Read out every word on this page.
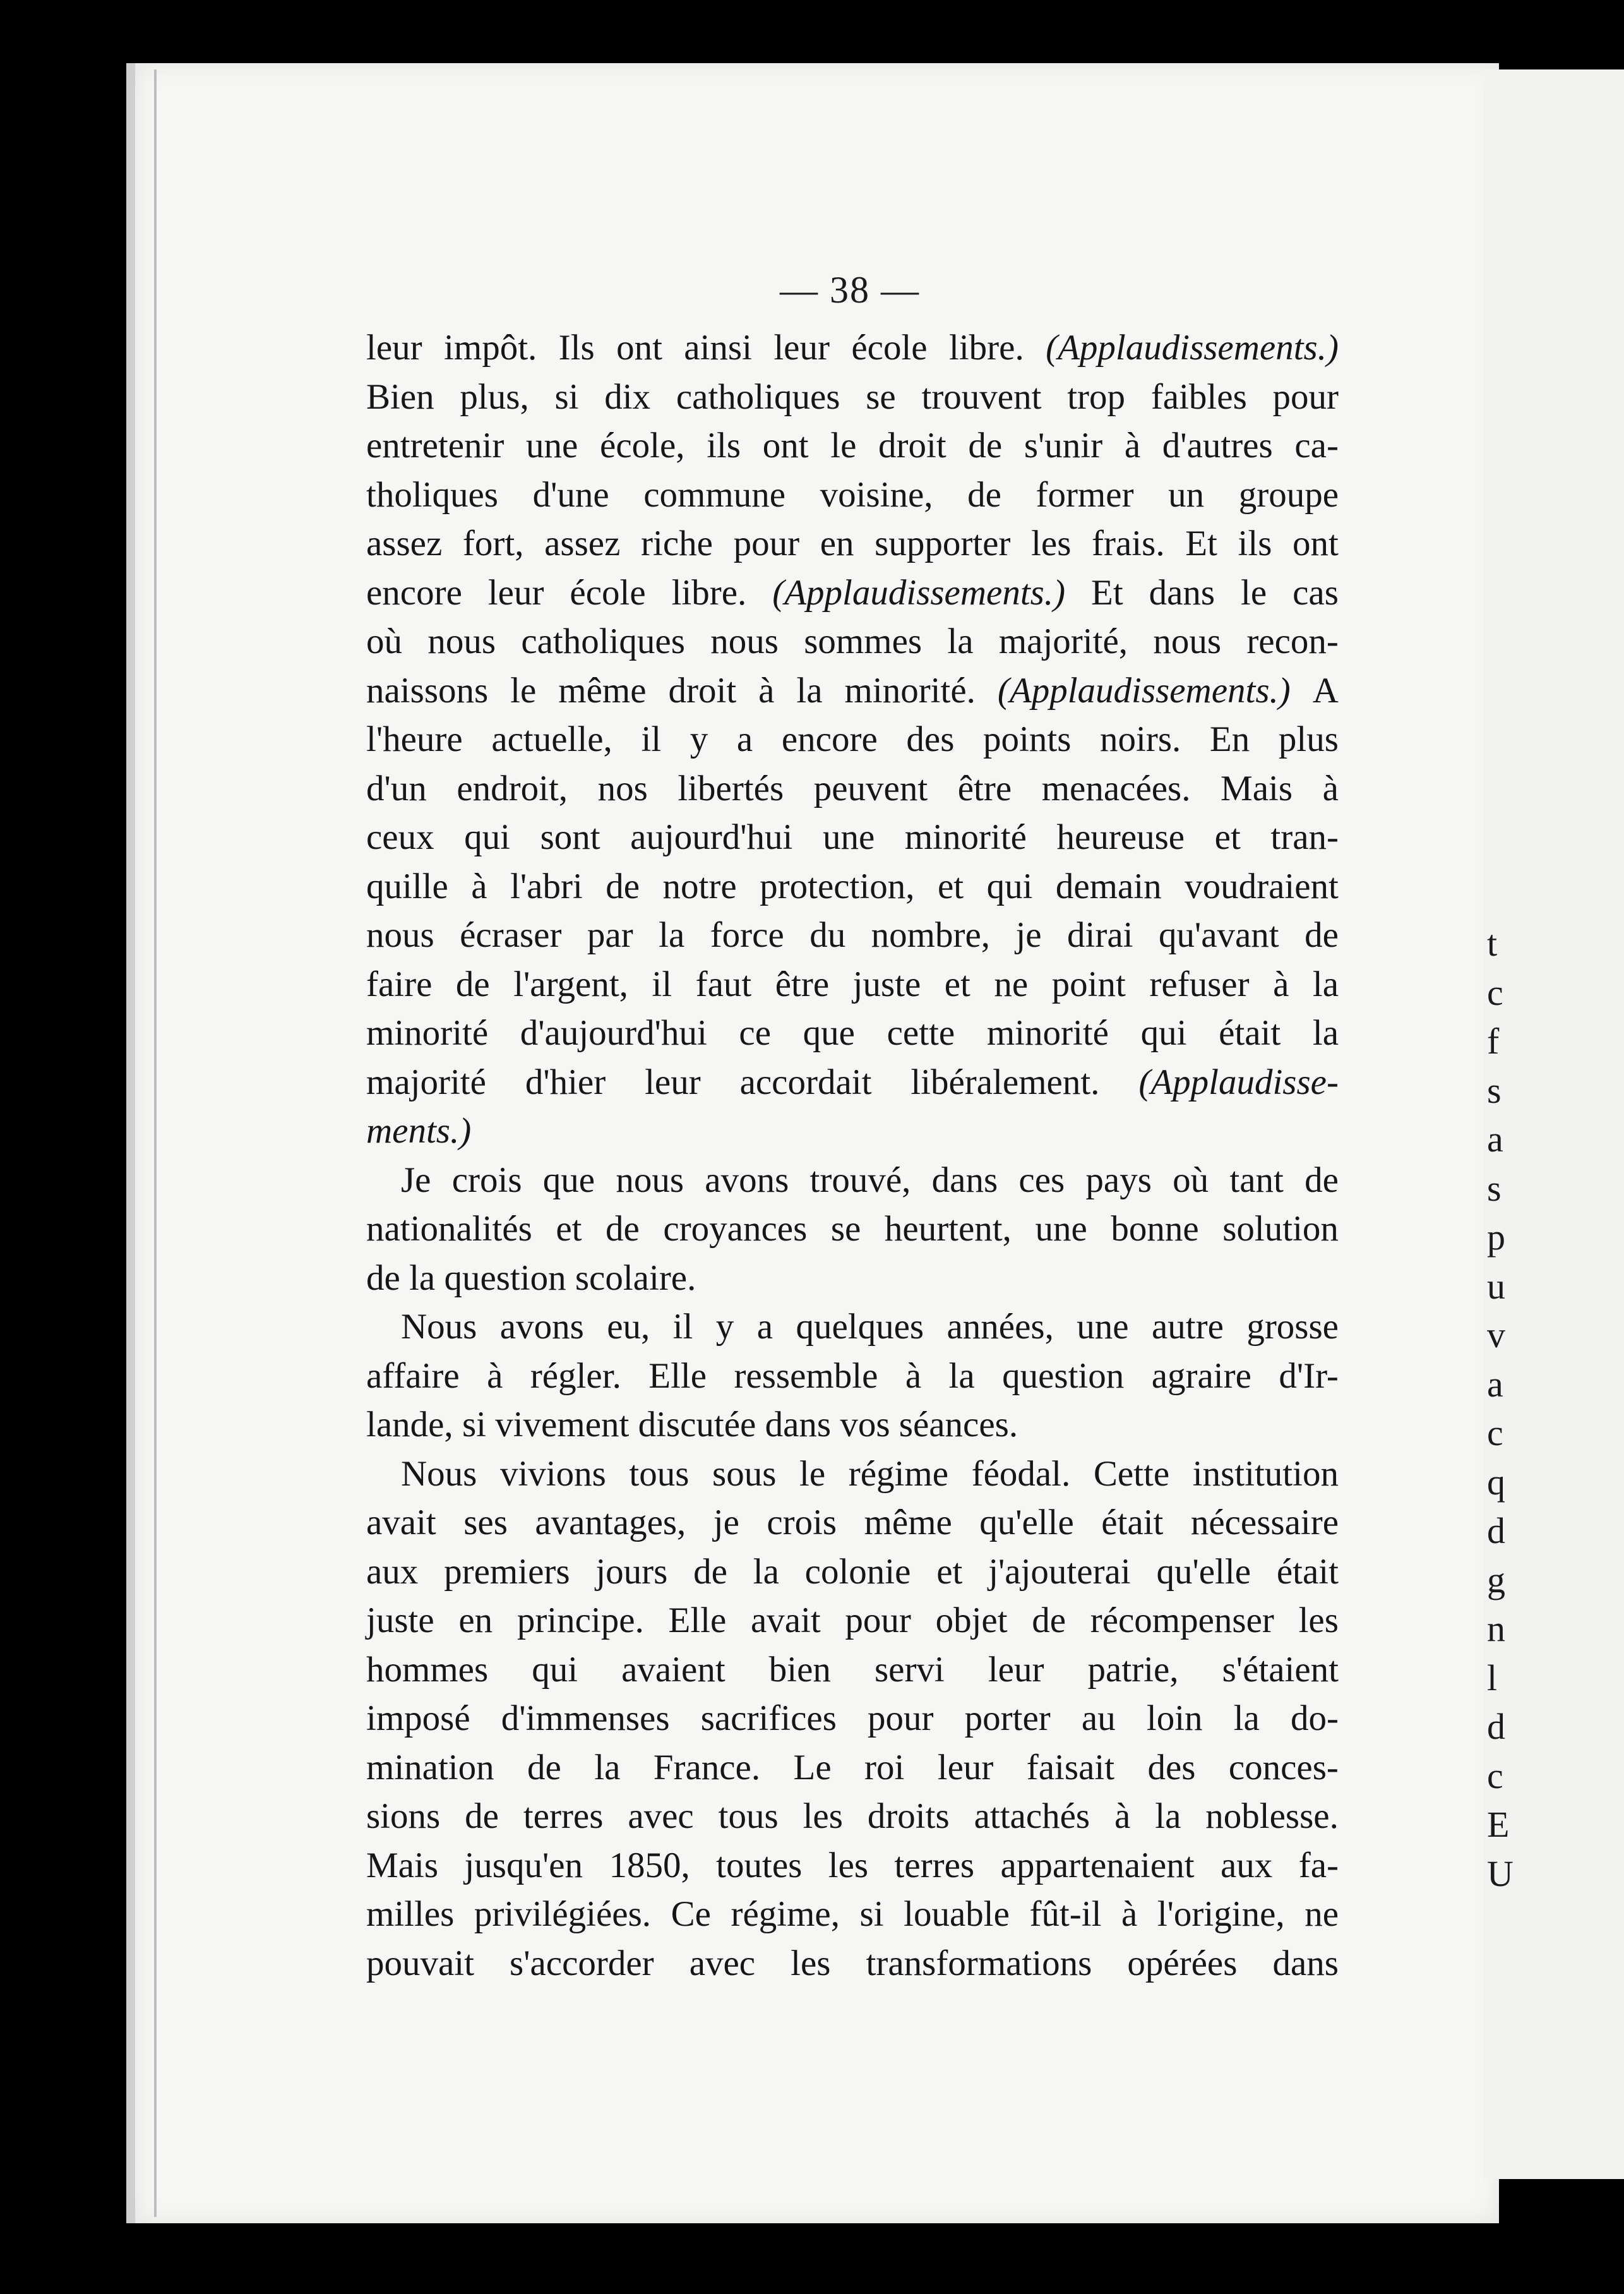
t
c
f
s
a
s
p
u
v
a
c
q
d
g
n
l
d
c
E
U
— 38 —
leur impôt. Ils ont ainsi leur école libre. (Applaudissements.)
Bien plus, si dix catholiques se trouvent trop faibles pour
entretenir une école, ils ont le droit de s'unir à d'autres ca-
tholiques d'une commune voisine, de former un groupe
assez fort, assez riche pour en supporter les frais. Et ils ont
encore leur école libre. (Applaudissements.) Et dans le cas
où nous catholiques nous sommes la majorité, nous recon-
naissons le même droit à la minorité. (Applaudissements.) A
l'heure actuelle, il y a encore des points noirs. En plus
d'un endroit, nos libertés peuvent être menacées. Mais à
ceux qui sont aujourd'hui une minorité heureuse et tran-
quille à l'abri de notre protection, et qui demain voudraient
nous écraser par la force du nombre, je dirai qu'avant de
faire de l'argent, il faut être juste et ne point refuser à la
minorité d'aujourd'hui ce que cette minorité qui était la
majorité d'hier leur accordait libéralement. (Applaudisse-
ments.)
Je crois que nous avons trouvé, dans ces pays où tant de
nationalités et de croyances se heurtent, une bonne solution
de la question scolaire.
Nous avons eu, il y a quelques années, une autre grosse
affaire à régler. Elle ressemble à la question agraire d'Ir-
lande, si vivement discutée dans vos séances.
Nous vivions tous sous le régime féodal. Cette institution
avait ses avantages, je crois même qu'elle était nécessaire
aux premiers jours de la colonie et j'ajouterai qu'elle était
juste en principe. Elle avait pour objet de récompenser les
hommes qui avaient bien servi leur patrie, s'étaient
imposé d'immenses sacrifices pour porter au loin la do-
mination de la France. Le roi leur faisait des conces-
sions de terres avec tous les droits attachés à la noblesse.
Mais jusqu'en 1850, toutes les terres appartenaient aux fa-
milles privilégiées. Ce régime, si louable fût-il à l'origine, ne
pouvait s'accorder avec les transformations opérées dans
